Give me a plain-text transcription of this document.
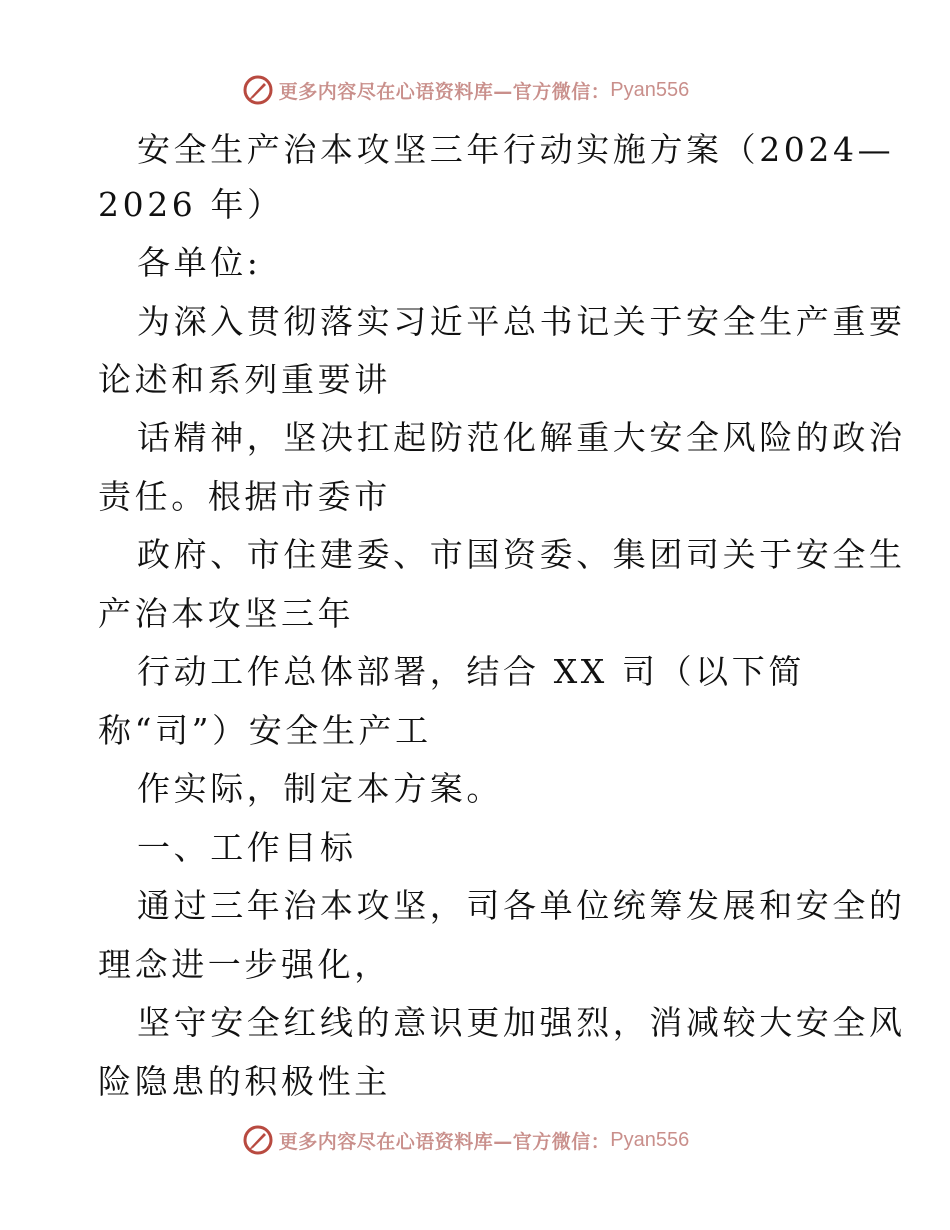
更多内容尽在心语资料库—官方微信： Pyan556
安全生产治本攻坚三年行动实施方案（2024—
2026 年）
各单位:
为深入贯彻落实习近平总书记关于安全生产重要
论述和系列重要讲
话精神，坚决扛起防范化解重大安全风险的政治
责任。根据市委市
政府、市住建委、市国资委、集团司关于安全生
产治本攻坚三年
行动工作总体部署，结合 XX 司（以下简
称“司”）安全生产工
作实际，制定本方案。
一、工作目标
通过三年治本攻坚，司各单位统筹发展和安全的
理念进一步强化，
坚守安全红线的意识更加强烈，消减较大安全风
险隐患的积极性主
更多内容尽在心语资料库—官方微信： Pyan556
